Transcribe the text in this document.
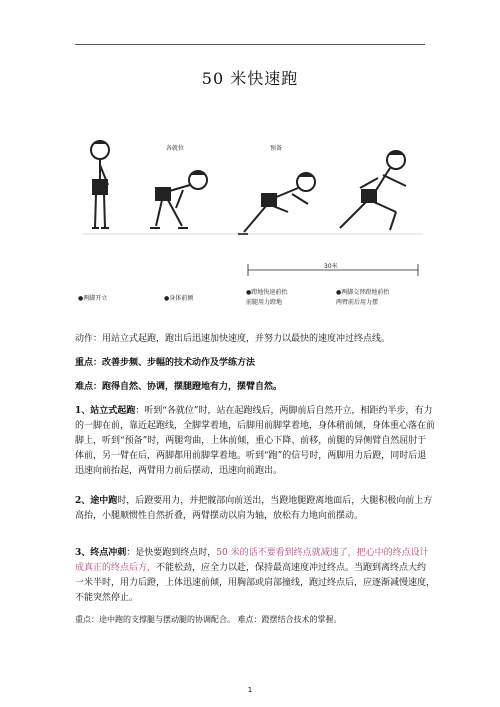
50 米快速跑
各就位	预备
30米
●两脚开立	●身体前倾
●蹬地快速前抬
前腿用力蹬地
●两脚交替蹬地前抬
两臂前后用力摆
动作：用站立式起跑，跑出后迅速加快速度，并努力以最快的速度冲过终点线。
重点：改善步频、步幅的技术动作及学练方法
难点：跑得自然、协调，摆腿蹬地有力，摆臂自然。
1、站立式起跑：听到“各就位”时，站在起跑线后，两脚前后自然开立，相距约半步，有力的一脚在前，靠近起跑线，全脚掌着地，后脚用前脚掌着地，身体稍前倾，身体重心落在前脚上，听到“预备”时，两腿弯曲，上体前倾，重心下降、前移，前腿的异侧臂自然屈肘于体前，另一臂在后，两脚都用前脚掌着地。听到“跑”的信号时，两脚用力后蹬，同时后退迅速向前抬起，两臂用力前后摆动，迅速向前跑出。
2、途中跑时，后蹬要用力，并把髋部向前送出，当蹬地腿蹬离地面后，大腿积极向前上方高抬，小腿顺惯性自然折叠，两臂摆动以肩为轴，放松有力地向前摆动。
3、终点冲刺：是快要跑到终点时，50 米的话不要看到终点就减速了，把心中的终点设计成真正的终点后方，不能松劲，应全力以赴，保持最高速度冲过终点。当跑到离终点大约一米半时，用力后蹬，上体迅速前倾，用胸部或肩部撞线，跑过终点后，应逐渐减慢速度，不能突然停止。
重点：途中跑的支撑腿与摆动腿的协调配合。 难点：蹬摆结合技术的掌握。
1
